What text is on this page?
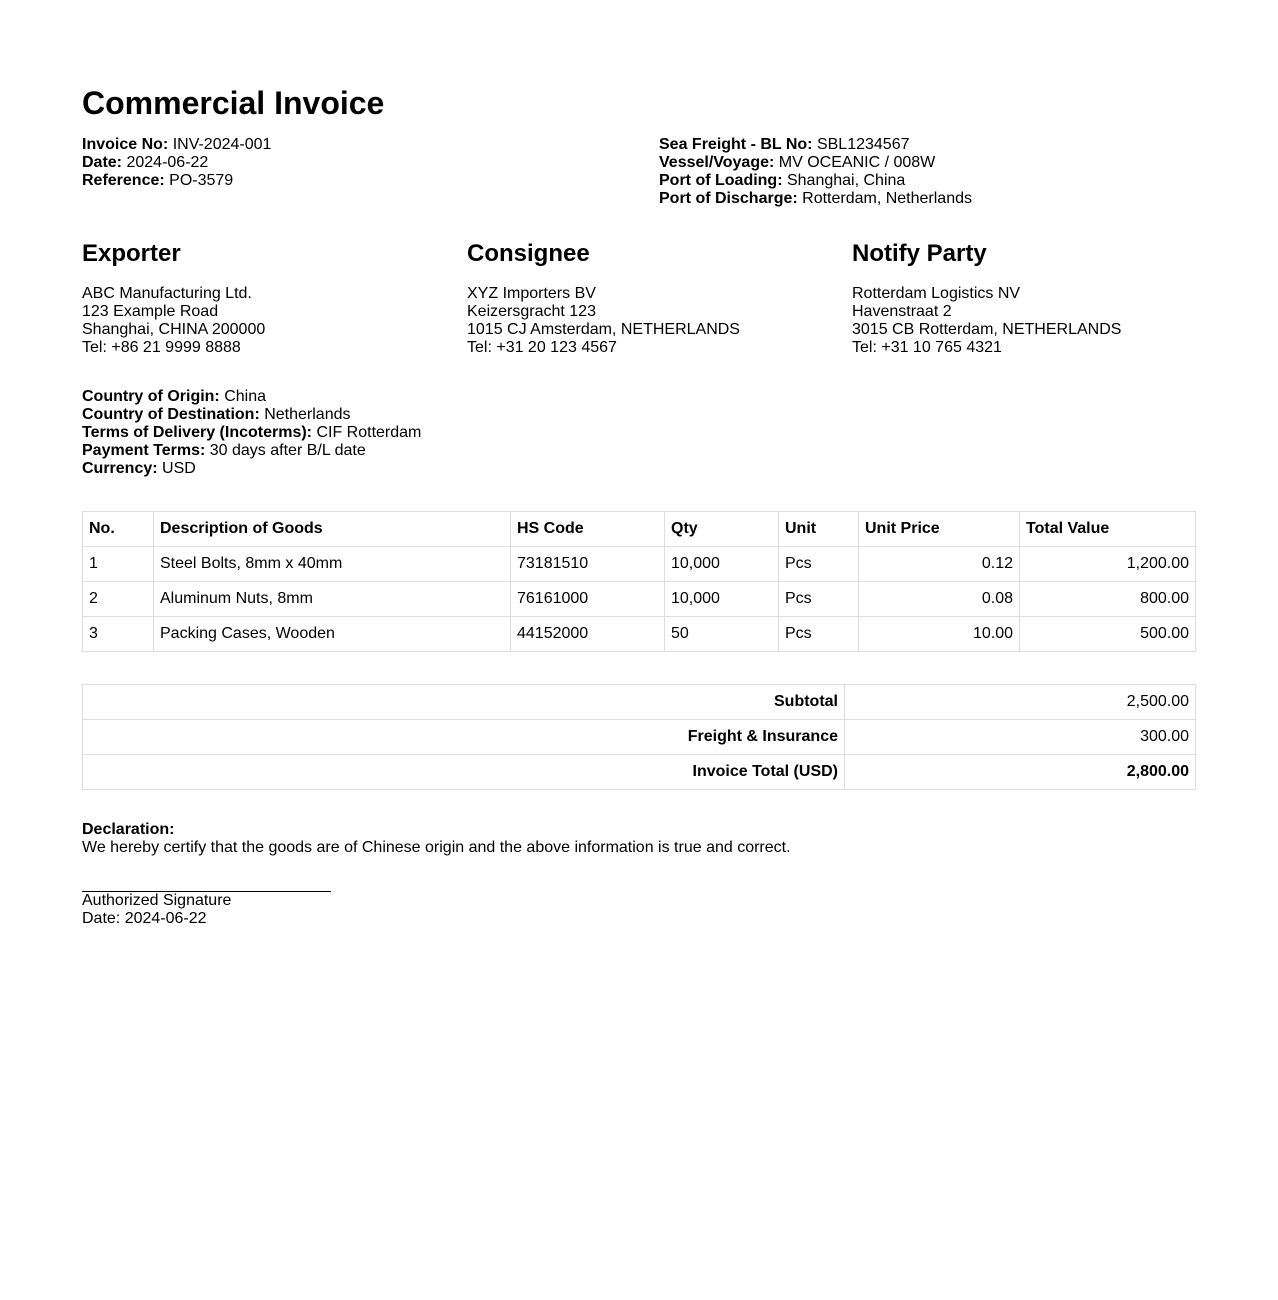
Commercial Invoice
Invoice No: INV-2024-001
Date: 2024-06-22
Reference: PO-3579
Sea Freight - BL No: SBL1234567
Vessel/Voyage: MV OCEANIC / 008W
Port of Loading: Shanghai, China
Port of Discharge: Rotterdam, Netherlands
Exporter
ABC Manufacturing Ltd.
123 Example Road
Shanghai, CHINA 200000
Tel: +86 21 9999 8888
Consignee
XYZ Importers BV
Keizersgracht 123
1015 CJ Amsterdam, NETHERLANDS
Tel: +31 20 123 4567
Notify Party
Rotterdam Logistics NV
Havenstraat 2
3015 CB Rotterdam, NETHERLANDS
Tel: +31 10 765 4321
Country of Origin: China
Country of Destination: Netherlands
Terms of Delivery (Incoterms): CIF Rotterdam
Payment Terms: 30 days after B/L date
Currency: USD
No.	Description of Goods	HS Code	Qty	Unit	Unit Price	Total Value
1	Steel Bolts, 8mm x 40mm	73181510	10,000	Pcs	0.12	1,200.00
2	Aluminum Nuts, 8mm	76161000	10,000	Pcs	0.08	800.00
3	Packing Cases, Wooden	44152000	50	Pcs	10.00	500.00
Subtotal	2,500.00
Freight & Insurance	300.00
Invoice Total (USD)	2,800.00
Declaration:
We hereby certify that the goods are of Chinese origin and the above information is true and correct.
Authorized Signature
Date: 2024-06-22
